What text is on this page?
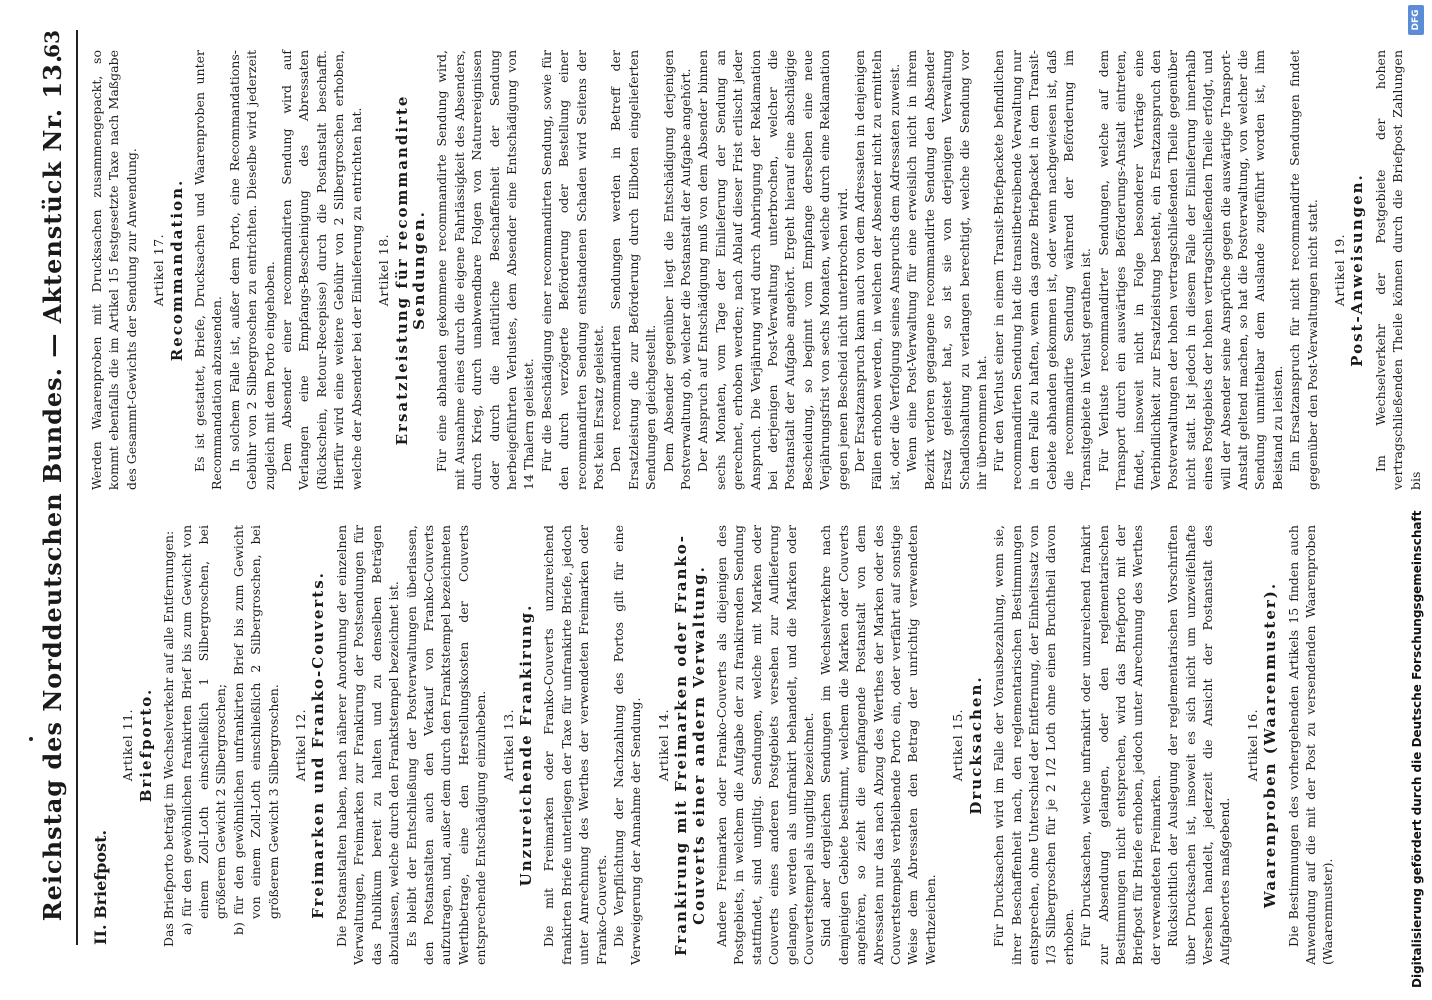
Reichstag des Norddeutschen Bundes. — Aktenstück Nr. 13.
63
II. Briefpost.
Artikel 11. Briefporto. Das Briefporto beträgt im Wechselverkehr auf alle Entfernungen: a) für den gewöhnlichen frankirten Brief bis zum Gewicht von einem Zoll-Loth einschließlich 1 Silbergroschen, bei größerem Gewicht 2 Silbergroschen; b) für den gewöhnlichen unfrankirten Brief bis zum Gewicht von einem Zoll-Loth einschließlich 2 Silbergroschen, bei größerem Gewicht 3 Silbergroschen. Artikel 12. Freimarken und Franko-Couverts. Die Postanstalten haben, nach näherer Anordnung der einzelnen Verwaltungen, Freimarken zur Frankirung der Postsendungen für das Publikum bereit zu halten und zu denselben Beträgen abzulassen, welche durch den Franktstempel bezeichnet ist. Es bleibt der Entschließung der Postverwaltungen überlassen, den Postanstalten auch den Verkauf von Franko-Couverts aufzutragen, und, außer dem durch den Franktstempel bezeichneten Werthbetrage, eine den Herstellungskosten der Couverts entsprechende Entschädigung einzuheben. Artikel 13. Unzureichende Frankirung. Die mit Freimarken oder Franko-Couverts unzureichend frankirten Briefe unterliegen der Taxe für unfrankirte Briefe, jedoch unter Anrechnung des Werthes der verwendeten Freimarken oder Franko-Couverts. Die Verpflichtung der Nachzahlung des Portos gilt für eine Verweigerung der Annahme der Sendung. Artikel 14. Frankirung mit Freimarken oder Franko-Couverts einer andern Verwaltung. Andere Freimarken oder Franko-Couverts als diejenigen des Postgebiets, in welchem die Aufgabe der zu frankirenden Sendung stattfindet, sind ungiltig. Sendungen, welche mit Marken oder Couverts eines anderen Postgebiets versehen zur Auflieferung gelangen, werden als unfrankirt behandelt, und die Marken oder Couvertstempel als ungiltig bezeichnet. Sind aber dergleichen Sendungen im Wechselverkehre nach demjenigen Gebiete bestimmt, welchem die Marken oder Couverts angehören, so zieht die empfangende Postanstalt von dem Abressaten nur das nach Abzug des Werthes der Marken oder des Couvertstempels verbleibende Porto ein, oder verfährt auf sonstige Weise dem Abressaten den Betrag der unrichtig verwendeten Werthzeichen.

Artikel 15. Drucksachen. Für Drucksachen wird im Falle der Vorausbezahlung, wenn sie, ihrer Beschaffenheit nach, den reglementarischen Bestimmungen entsprechen, ohne Unterschied der Entfernung, der Einheitssatz von 1/3 Silbergroschen für je 2 1/2 Loth ohne einen Bruchtheil davon erhoben. Für Drucksachen, welche unfrankirt oder unzureichend frankirt zur Absendung gelangen, oder den reglementarischen Bestimmungen nicht entsprechen, wird das Briefporto mit der Briefpost für Briefe erhoben, jedoch unter Anrechnung des Werthes der verwendeten Freimarken. Rücksichtlich der Auslegung der reglementarischen Vorschriften über Drucksachen ist, insoweit es sich nicht um unzweifelhafte Versehen handelt, jederzeit die Ansicht der Postanstalt des Aufgabeortes maßgebend.

Artikel 16. Waarenproben (Waarenmuster). Die Bestimmungen des vorhergehenden Artikels 15 finden auch Anwendung auf die mit der Post zu versendenden Waarenproben (Waarenmuster).

Werden Waarenproben mit Drucksachen zusammengepackt, so kommt ebenfalls die im Artikel 15 festgesetzte Taxe nach Maßgabe des Gesammt-Gewichts der Sendung zur Anwendung. Artikel 17. Recommandation. Es ist gestattet, Briefe, Drucksachen und Waarenproben unter Recommandation abzusenden. In solchem Falle ist, außer dem Porto, eine Recommandations-Gebühr von 2 Silbergroschen zu entrichten. Dieselbe wird jederzeit zugleich mit dem Porto eingehoben. Dem Absender einer recommandirten Sendung wird auf Verlangen eine Empfangs-Bescheinigung des Abressaten (Rückschein, Retour-Recepisse) durch die Postanstalt beschafft. Hierfür wird eine weitere Gebühr von 2 Silbergroschen erhoben, welche der Absender bei der Einlieferung zu entrichten hat. Artikel 18. Ersatzleistung für recommandirte Sendungen. Für eine abhanden gekommene recommandirte Sendung wird, mit Ausnahme eines durch die eigene Fahrlässigkeit des Absenders, durch Krieg, durch unabwendbare Folgen von Naturereignissen oder durch die natürliche Beschaffenheit der Sendung herbeigeführten Verlustes, dem Absender eine Entschädigung von 14 Thalern geleistet. Für die Beschädigung einer recommandirten Sendung, sowie für den durch verzögerte Beförderung oder Bestellung einer recommandirten Sendung entstandenen Schaden wird Seitens der Post kein Ersatz geleistet. Den recommandirten Sendungen werden in Betreff der Ersatzleistung die zur Beförderung durch Eilboten eingelieferten Sendungen gleichgestellt. Dem Absender gegenüber liegt die Entschädigung derjenigen Postverwaltung ob, welcher die Postanstalt der Aufgabe angehört. Der Anspruch auf Entschädigung muß von dem Absender binnen sechs Monaten, vom Tage der Einlieferung der Sendung an gerechnet, erhoben werden; nach Ablauf dieser Frist erlischt jeder Anspruch. Die Verjährung wird durch Anbringung der Reklamation bei derjenigen Post-Verwaltung unterbrochen, welcher die Postanstalt der Aufgabe angehört. Ergeht hierauf eine abschlägige Bescheidung, so beginnt vom Empfange derselben eine neue Verjährungsfrist von sechs Monaten, welche durch eine Reklamation gegen jenen Bescheid nicht unterbrochen wird. Der Ersatzanspruch kann auch von dem Adressaten in denjenigen Fällen erhoben werden, in welchen der Absender nicht zu ermitteln ist, oder die Verfolgung seines Anspruchs dem Adressaten zuweist. Wenn eine Post-Verwaltung für eine erweislich nicht in ihrem Bezirk verloren gegangene recommandirte Sendung den Absender Ersatz geleistet hat, so ist sie von derjenigen Verwaltung Schadloshaltung zu verlangen berechtigt, welche die Sendung vor ihr übernommen hat. Für den Verlust einer in einem Transit-Briefpackete befindlichen recommandirten Sendung hat die transitbetreibende Verwaltung nur in dem Falle zu haften, wenn das ganze Briefpacket in dem Transit-Gebiete abhanden gekommen ist, oder wenn nachgewiesen ist, daß die recommandirte Sendung während der Beförderung im Transitgebiete in Verlust gerathen ist. Für Verluste recommandirter Sendungen, welche auf dem Transport durch ein auswärtiges Beförderungs-Anstalt eintreten, findet, insoweit nicht in Folge besonderer Verträge eine Verbindlichkeit zur Ersatzleistung besteht, ein Ersatzanspruch den Postverwaltungen der hohen vertragschließenden Theile gegenüber nicht statt. Ist jedoch in diesem Falle der Einlieferung innerhalb eines Postgebiets der hohen vertragschließenden Theile erfolgt, und will der Absender seine Ansprüche gegen die auswärtige Transport-Anstalt geltend machen, so hat die Postverwaltung, von welcher die Sendung unmittelbar dem Auslande zugeführt worden ist, ihm Beistand zu leisten. Ein Ersatzanspruch für nicht recommandirte Sendungen findet gegenüber den Post-Verwaltungen nicht statt. Artikel 19. Post-Anweisungen. Im Wechselverkehr der Postgebiete der hohen vertragschließenden Theile können durch die Briefpost Zahlungen bis

Digitalisierung gefördert durch die Deutsche Forschungsgemeinschaft
DFG
